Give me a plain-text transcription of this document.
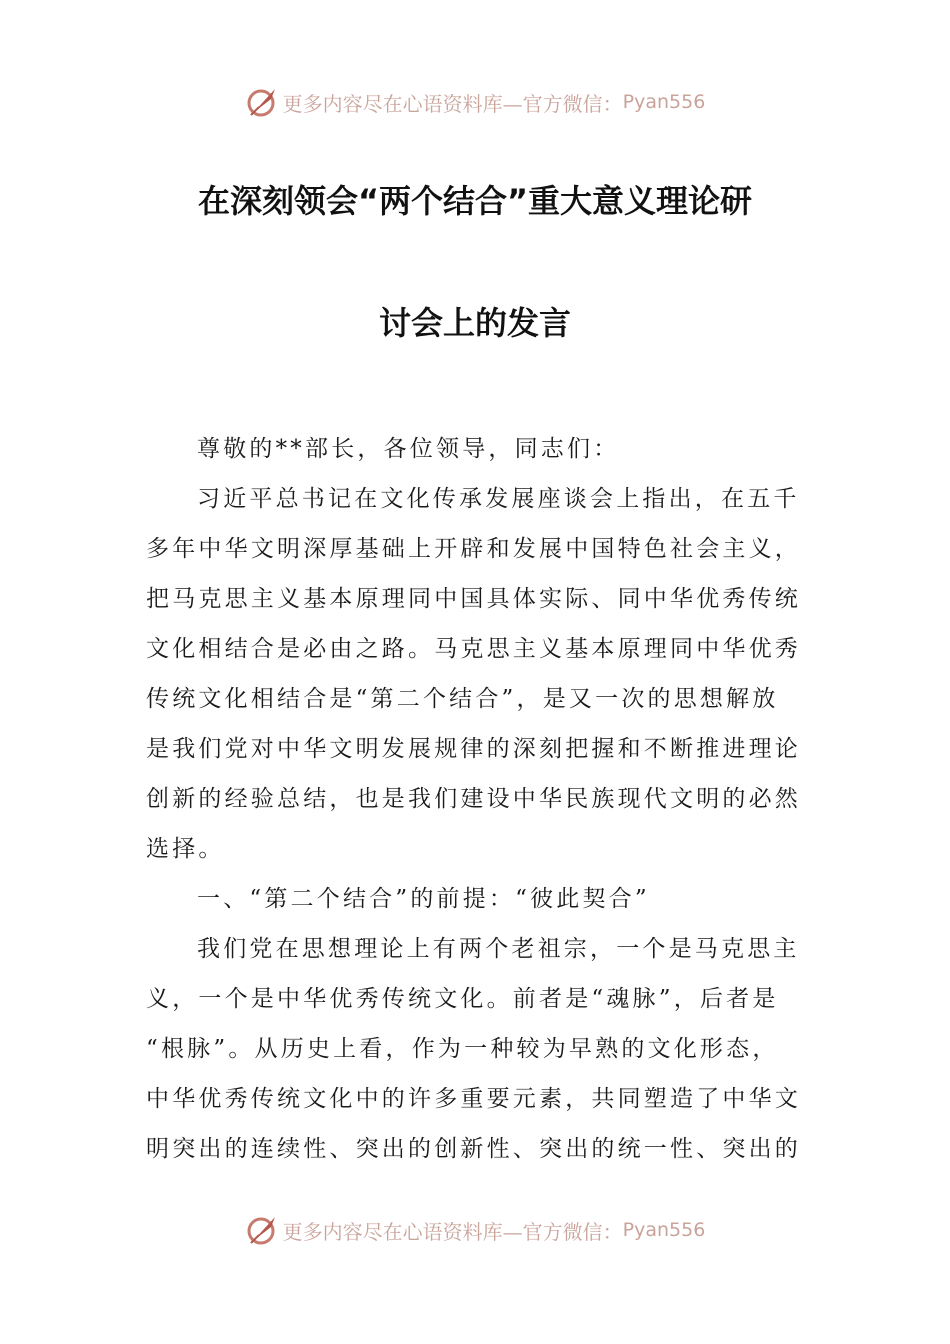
更多内容尽在心语资料库—官方微信： Pyan556
在深刻领会“两个结合”重大意义理论研
讨会上的发言

尊敬的**部长，各位领导，同志们：

习近平总书记在文化传承发展座谈会上指出，在五千
多年中华文明深厚基础上开辟和发展中国特色社会主义，
把马克思主义基本原理同中国具体实际、同中华优秀传统
文化相结合是必由之路。马克思主义基本原理同中华优秀
传统文化相结合是“第二个结合”，是又一次的思想解放
是我们党对中华文明发展规律的深刻把握和不断推进理论
创新的经验总结，也是我们建设中华民族现代文明的必然
选择。

一、“第二个结合”的前提：“彼此契合”

我们党在思想理论上有两个老祖宗，一个是马克思主
义，一个是中华优秀传统文化。前者是“魂脉”，后者是
“根脉”。从历史上看，作为一种较为早熟的文化形态，
中华优秀传统文化中的许多重要元素，共同塑造了中华文
明突出的连续性、突出的创新性、突出的统一性、突出的

更多内容尽在心语资料库—官方微信： Pyan556
